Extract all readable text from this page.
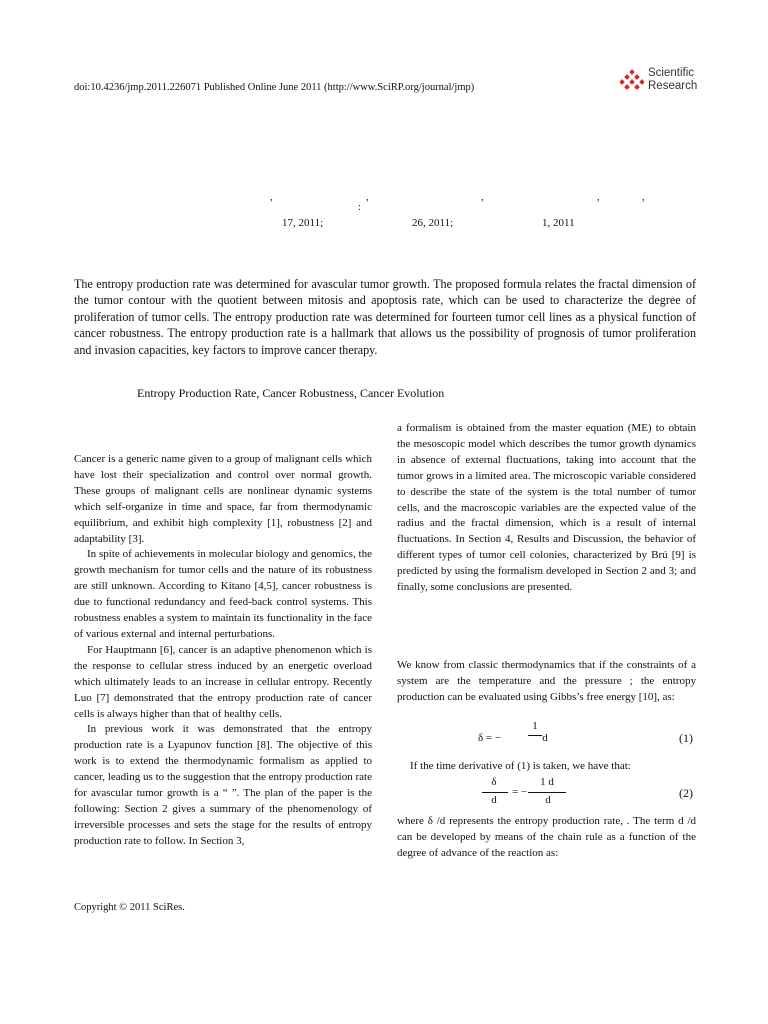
doi:10.4236/jmp.2011.226071 Published Online June 2011 (http://www.SciRP.org/journal/jmp)
Scientific
Research
,	,	,	,	,
:
17, 2011;	26, 2011;	1, 2011

The entropy production rate was determined for avascular tumor growth. The proposed formula relates the fractal dimension of the tumor contour with the quotient between mitosis and apoptosis rate, which can be used to characterize the degree of proliferation of tumor cells. The entropy production rate was determined for fourteen tumor cell lines as a physical function of cancer robustness. The entropy production rate is a hallmark that allows us the possibility of prognosis of tumor proliferation and invasion capacities, key factors to improve cancer therapy.

Entropy Production Rate, Cancer Robustness, Cancer Evolution

Cancer is a generic name given to a group of malignant cells which have lost their specialization and control over normal growth. These groups of malignant cells are nonlinear dynamic systems which self-organize in time and space, far from thermodynamic equilibrium, and exhibit high complexity [1], robustness [2] and adaptability [3].

In spite of achievements in molecular biology and genomics, the growth mechanism for tumor cells and the nature of its robustness are still unknown. According to Kitano [4,5], cancer robustness is due to functional redundancy and feed-back control systems. This robustness enables a system to maintain its functionality in the face of various external and internal perturbations.

For Hauptmann [6], cancer is an adaptive phenomenon which is the response to cellular stress induced by an energetic overload which ultimately leads to an increase in cellular entropy. Recently Luo [7] demonstrated that the entropy production rate of cancer cells is always higher than that of healthy cells.

In previous work it was demonstrated that the entropy production rate is a Lyapunov function [8]. The objective of this work is to extend the thermodynamic formalism as applied to cancer, leading us to the suggestion that the entropy production rate for avascular tumor growth is a “ ”. The plan of the paper is the following: Section 2 gives a summary of the phenomenology of irreversible processes and sets the stage for the results of entropy production rate to follow. In Section 3,

a formalism is obtained from the master equation (ME) to obtain the mesoscopic model which describes the tumor growth dynamics in absence of external fluctuations, taking into account that the tumor grows in a limited area. The microscopic variable considered to describe the state of the system is the total number of tumor cells, and the macroscopic variables are the expected value of the radius and the fractal dimension, which is a result of internal fluctuations. In Section 4, Results and Discussion, the behavior of different types of tumor cell colonies, characterized by Brú [9] is predicted by using the formalism developed in Section 2 and 3; and finally, some conclusions are presented.

We know from classic thermodynamics that if the constraints of a system are the temperature and the pressure ; the entropy production can be evaluated using Gibbs’s free energy [10], as:

δ = −
1
d	(1)
If the time derivative of (1) is taken, we have that:
δ
d
= −
1 d
d	(2)

where δ /d represents the entropy production rate, . The term d /d can be developed by means of the chain rule as a function of the degree of advance of the reaction as:

Copyright © 2011 SciRes.
